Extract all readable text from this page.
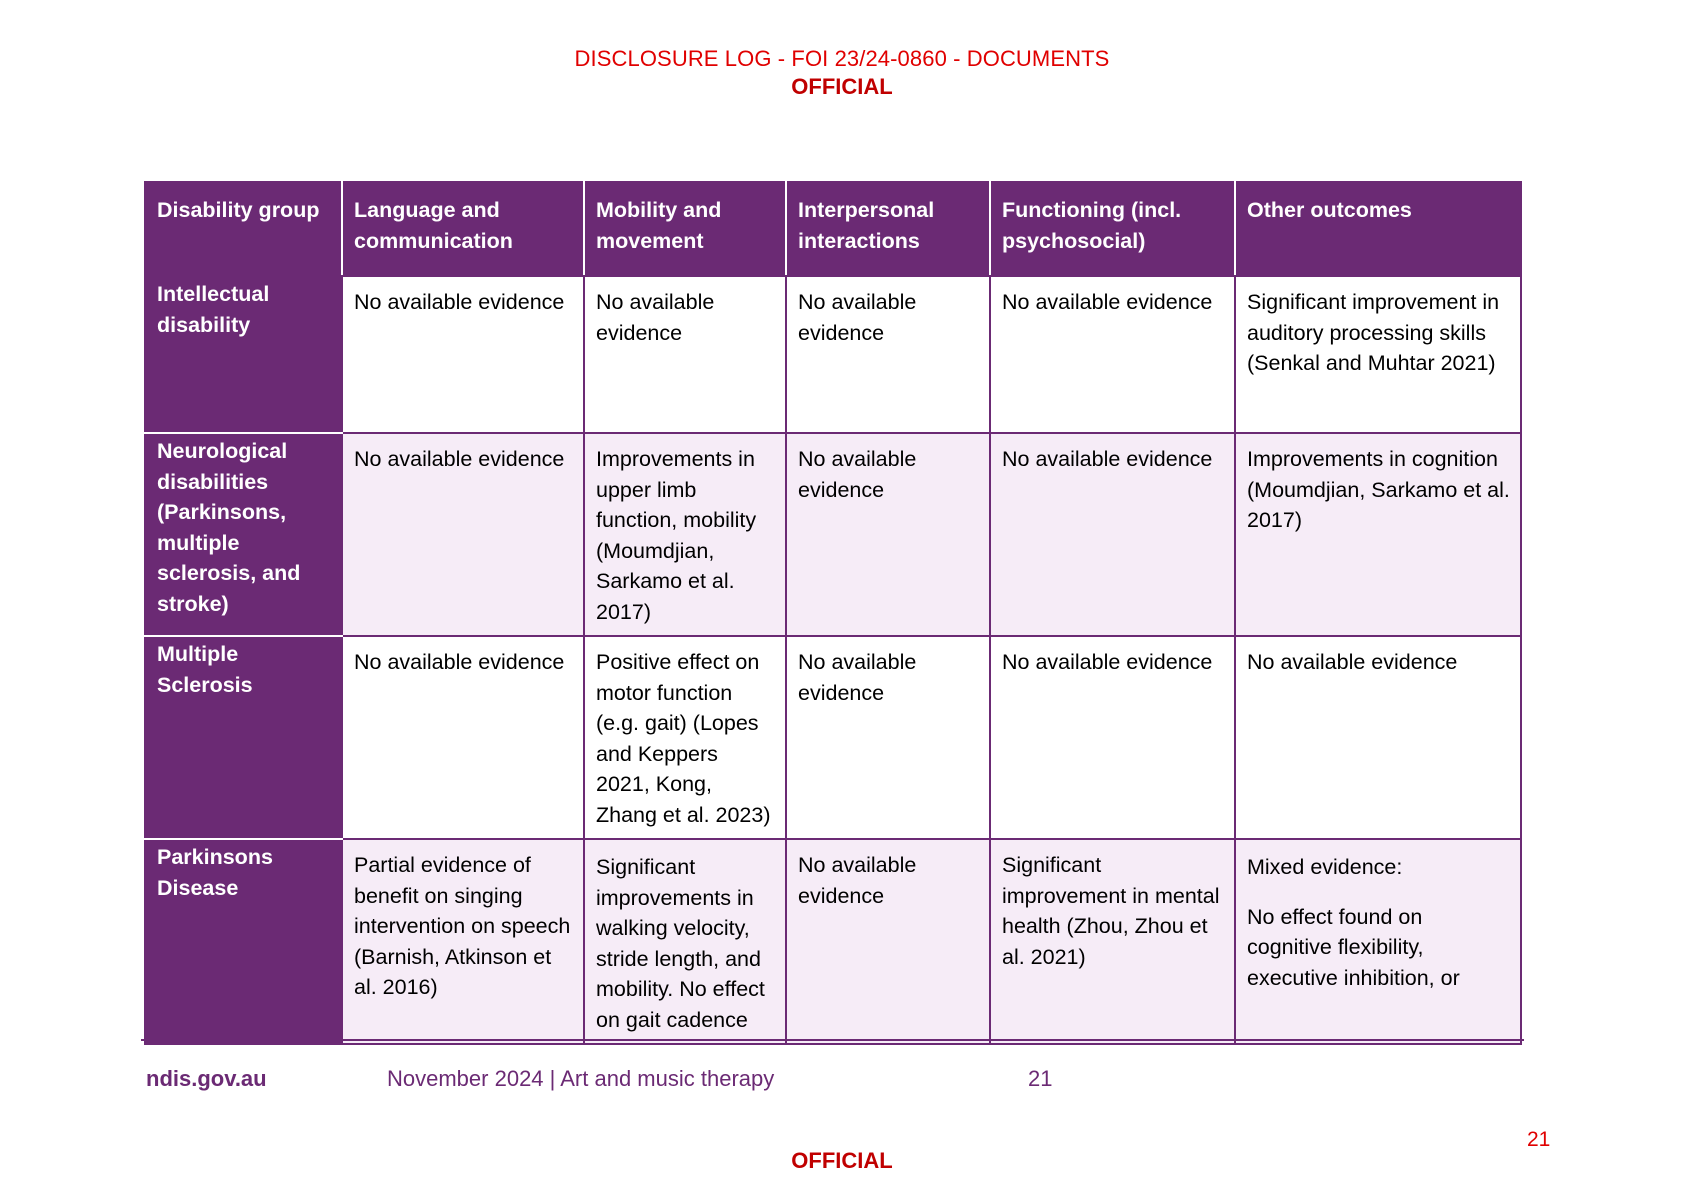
DISCLOSURE LOG - FOI 23/24-0860 - DOCUMENTS
OFFICIAL
Disability group	Language and communication	Mobility and movement	Interpersonal interactions	Functioning (incl. psychosocial)	Other outcomes
Intellectual disability	No available evidence	No available evidence	No available evidence	No available evidence	Significant improvement in auditory processing skills (Senkal and Muhtar 2021)
Neurological disabilities (Parkinsons, multiple sclerosis, and stroke)	No available evidence	Improvements in upper limb function, mobility (Moumdjian, Sarkamo et al. 2017)	No available evidence	No available evidence	Improvements in cognition (Moumdjian, Sarkamo et al. 2017)
Multiple Sclerosis	No available evidence	Positive effect on motor function (e.g. gait) (Lopes and Keppers 2021, Kong, Zhang et al. 2023)	No available evidence	No available evidence	No available evidence
Parkinsons Disease	Partial evidence of benefit on singing intervention on speech (Barnish, Atkinson et al. 2016)	Significant improvements in walking velocity, stride length, and mobility. No effect on gait cadence	No available evidence	Significant improvement in mental health (Zhou, Zhou et al. 2021)	Mixed evidence:

No effect found on cognitive flexibility, executive inhibition, or

ndis.gov.au	November 2024 | Art and music therapy	21
21
OFFICIAL
